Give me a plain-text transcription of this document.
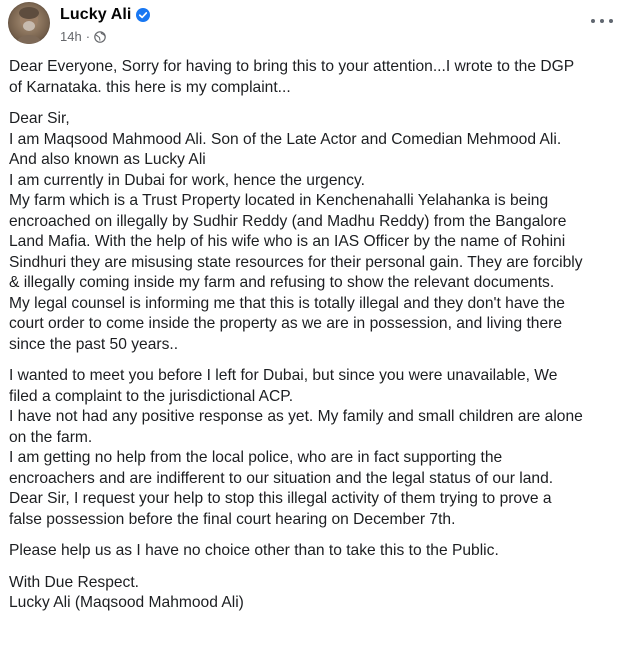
Lucky Ali
14h ·
Dear Everyone, Sorry for having to bring this to your attention...I wrote to the DGP
of Karnataka. this here is my complaint...
Dear Sir,
I am Maqsood Mahmood Ali. Son of the Late Actor and Comedian Mehmood Ali.
And also known as Lucky Ali
I am currently in Dubai for work, hence the urgency.
My farm which is a Trust Property located in Kenchenahalli Yelahanka is being
encroached on illegally by Sudhir Reddy (and Madhu Reddy) from the Bangalore
Land Mafia. With the help of his wife who is an IAS Officer by the name of Rohini
Sindhuri they are misusing state resources for their personal gain. They are forcibly
& illegally coming inside my farm and refusing to show the relevant documents.
My legal counsel is informing me that this is totally illegal and they don't have the
court order to come inside the property as we are in possession, and living there
since the past 50 years..
I wanted to meet you before I left for Dubai, but since you were unavailable, We
filed a complaint to the jurisdictional ACP.
I have not had any positive response as yet. My family and small children are alone
on the farm.
I am getting no help from the local police, who are in fact supporting the
encroachers and are indifferent to our situation and the legal status of our land.
Dear Sir, I request your help to stop this illegal activity of them trying to prove a
false possession before the final court hearing on December 7th.
Please help us as I have no choice other than to take this to the Public.
With Due Respect.
Lucky Ali (Maqsood Mahmood Ali)
